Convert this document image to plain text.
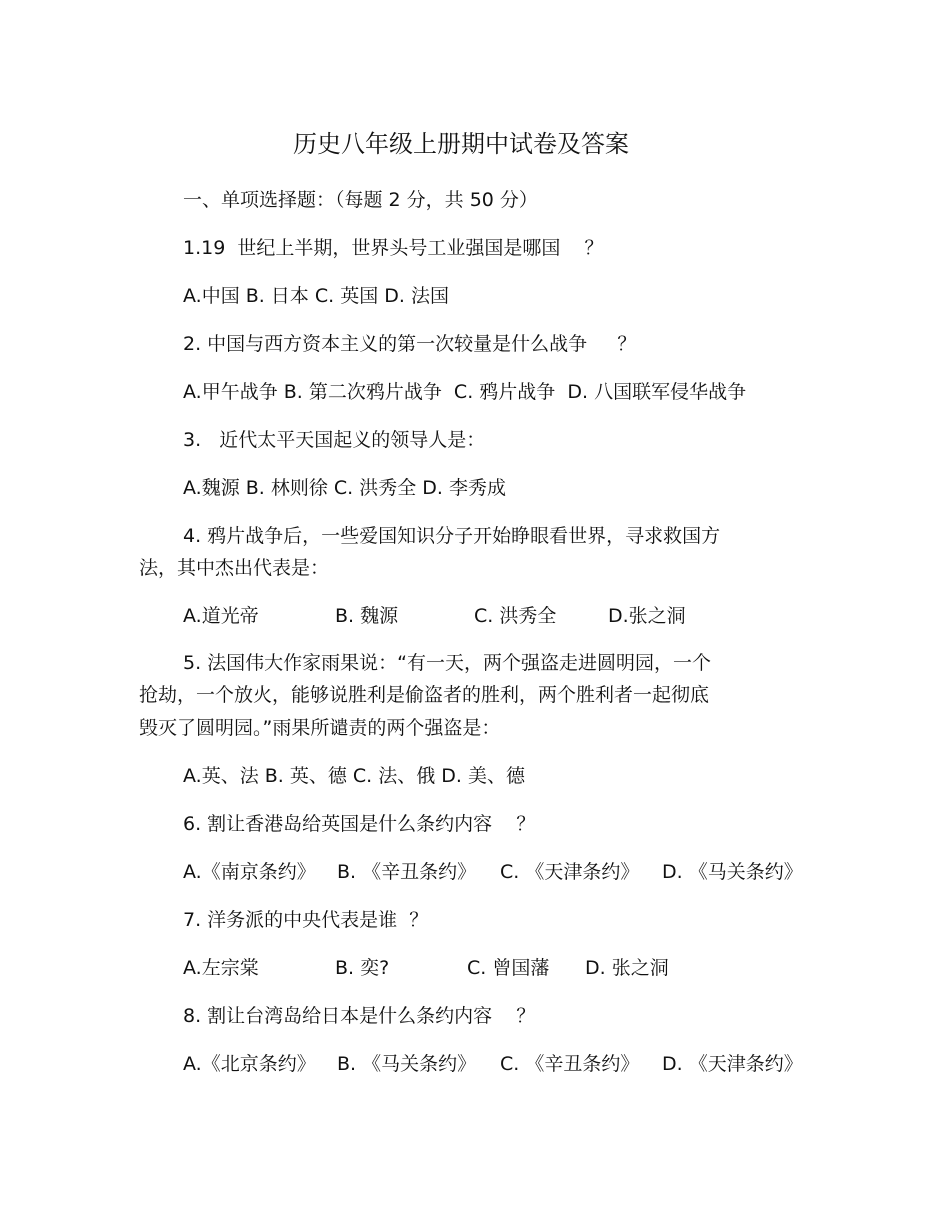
历史八年级上册期中试卷及答案
一、单项选择题：（每题 2 分，共 50 分）
1.19  世纪上半期，世界头号工业强国是哪国    ？
A.中国 B. 日本 C. 英国 D. 法国
2. 中国与西方资本主义的第一次较量是什么战争     ？
A.甲午战争 B. 第二次鸦片战争  C. 鸦片战争  D. 八国联军侵华战争
3.   近代太平天国起义的领导人是：
A.魏源 B. 林则徐 C. 洪秀全 D. 李秀成
4. 鸦片战争后，一些爱国知识分子开始睁眼看世界，寻求救国方
法，其中杰出代表是：
A.道光帝	B. 魏源	C. 洪秀全	D.张之洞
5. 法国伟大作家雨果说：“有一天，两个强盗走进圆明园，一个
抢劫，一个放火，能够说胜利是偷盗者的胜利，两个胜利者一起彻底
毁灭了圆明园。”雨果所谴责的两个强盗是：
A.英、法 B. 英、德 C. 法、俄 D. 美、德
6. 割让香港岛给英国是什么条约内容    ？
A.《南京条约》 B. 《辛丑条约》 C. 《天津条约》 D. 《马关条约》
7. 洋务派的中央代表是谁  ？
A.左宗棠	B. 奕?	C. 曾国藩 D. 张之洞
8. 割让台湾岛给日本是什么条约内容    ？
A.《北京条约》 B. 《马关条约》 C. 《辛丑条约》 D. 《天津条约》
